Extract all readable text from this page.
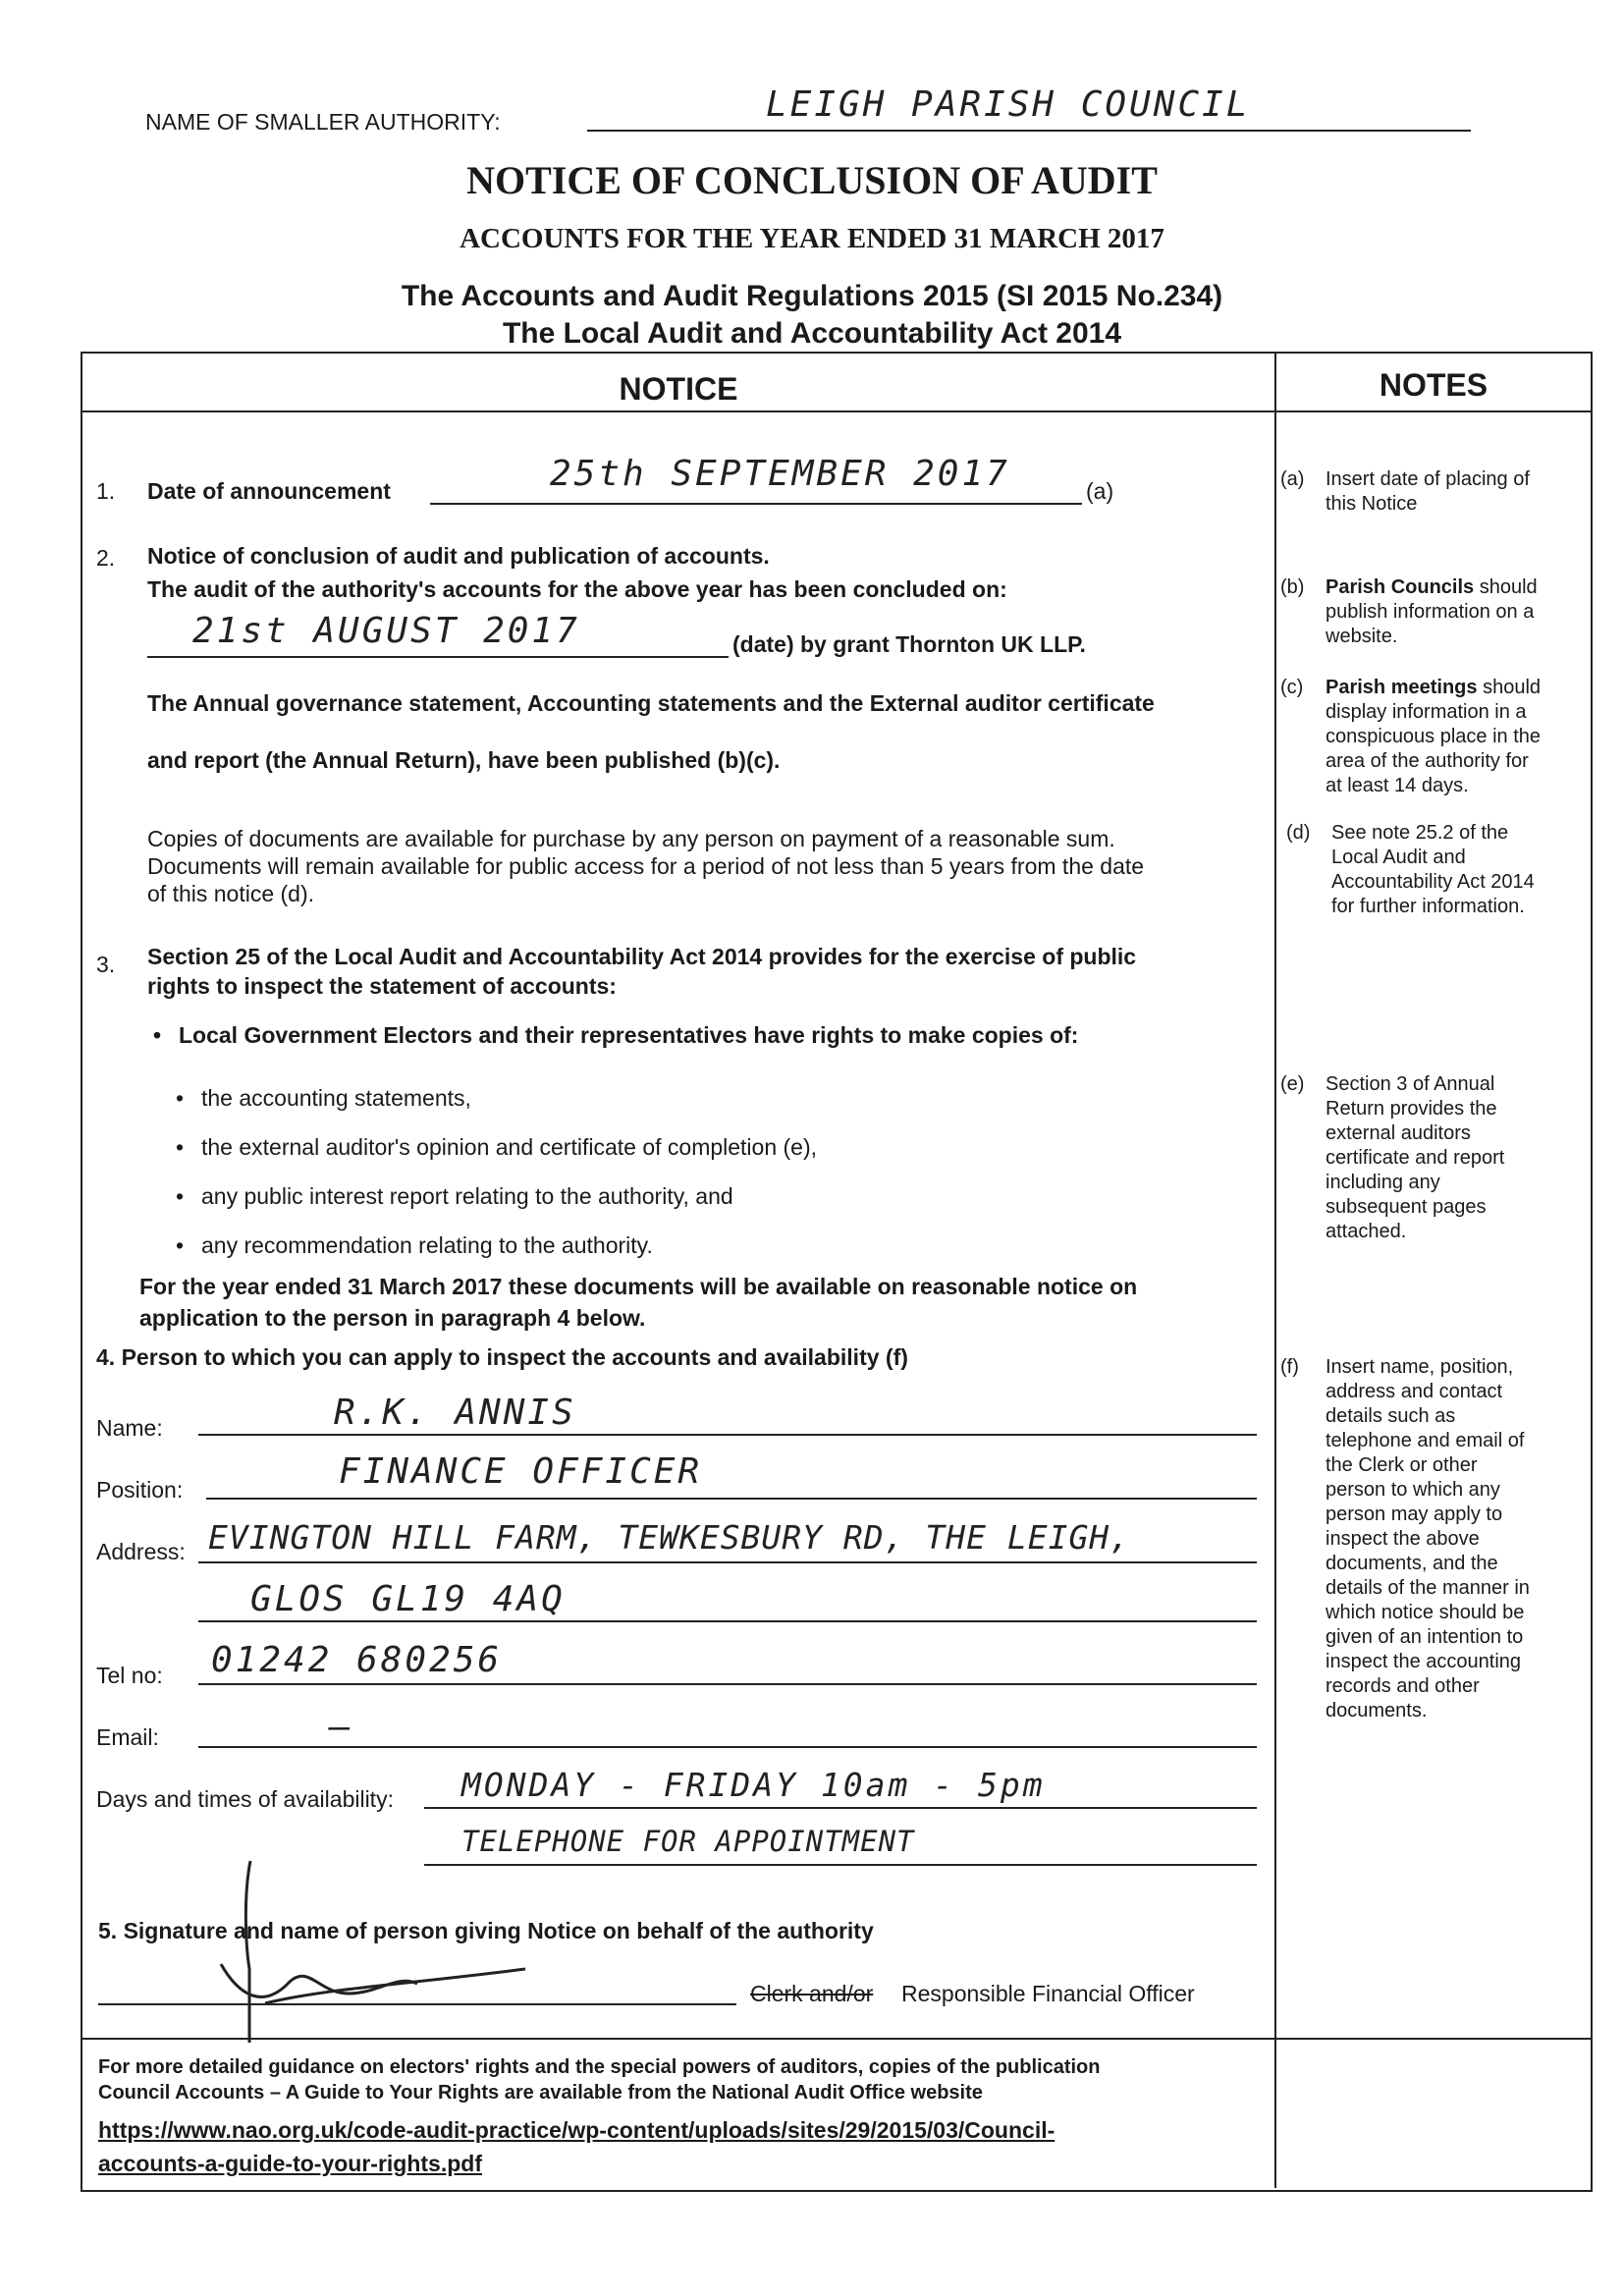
NAME OF SMALLER AUTHORITY:	LEIGH PARISH COUNCIL
NOTICE OF CONCLUSION OF AUDIT
ACCOUNTS FOR THE YEAR ENDED 31 MARCH 2017
The Accounts and Audit Regulations 2015 (SI 2015 No.234)
The Local Audit and Accountability Act 2014
NOTICE	NOTES
1. Date of announcement	25th SEPTEMBER 2017	(a)
2. Notice of conclusion of audit and publication of accounts.
The audit of the authority's accounts for the above year has been concluded on:
21st AUGUST 2017	(date) by grant Thornton UK LLP.
The Annual governance statement, Accounting statements and the External auditor certificate
and report (the Annual Return), have been published (b)(c).
Copies of documents are available for purchase by any person on payment of a reasonable sum.
Documents will remain available for public access for a period of not less than 5 years from the date
of this notice (d).
3. Section 25 of the Local Audit and Accountability Act 2014 provides for the exercise of public
rights to inspect the statement of accounts:
• Local Government Electors and their representatives have rights to make copies of:
• the accounting statements,
• the external auditor's opinion and certificate of completion (e),
• any public interest report relating to the authority, and
• any recommendation relating to the authority.
For the year ended 31 March 2017 these documents will be available on reasonable notice on
application to the person in paragraph 4 below.
4. Person to which you can apply to inspect the accounts and availability (f)
Name:	R.K. ANNIS
Position:	FINANCE OFFICER
Address: EVINGTON HILL FARM, TEWKESBURY RD, THE LEIGH,
GLOS GL19 4AQ
Tel no: 01242 680256
Email:	—
Days and times of availability: MONDAY - FRIDAY 10am - 5pm
TELEPHONE FOR APPOINTMENT
5. Signature and name of person giving Notice on behalf of the authority
Clerk and/or Responsible Financial Officer
For more detailed guidance on electors' rights and the special powers of auditors, copies of the publication
Council Accounts – A Guide to Your Rights are available from the National Audit Office website
https://www.nao.org.uk/code-audit-practice/wp-content/uploads/sites/29/2015/03/Council-
accounts-a-guide-to-your-rights.pdf
(a) Insert date of placing of
this Notice
(b) Parish Councils should
publish information on a
website.
(c) Parish meetings should
display information in a
conspicuous place in the
area of the authority for
at least 14 days.
(d) See note 25.2 of the
Local Audit and
Accountability Act 2014
for further information.
(e) Section 3 of Annual
Return provides the
external auditors
certificate and report
including any
subsequent pages
attached.
(f) Insert name, position,
address and contact
details such as
telephone and email of
the Clerk or other
person to which any
person may apply to
inspect the above
documents, and the
details of the manner in
which notice should be
given of an intention to
inspect the accounting
records and other
documents.
